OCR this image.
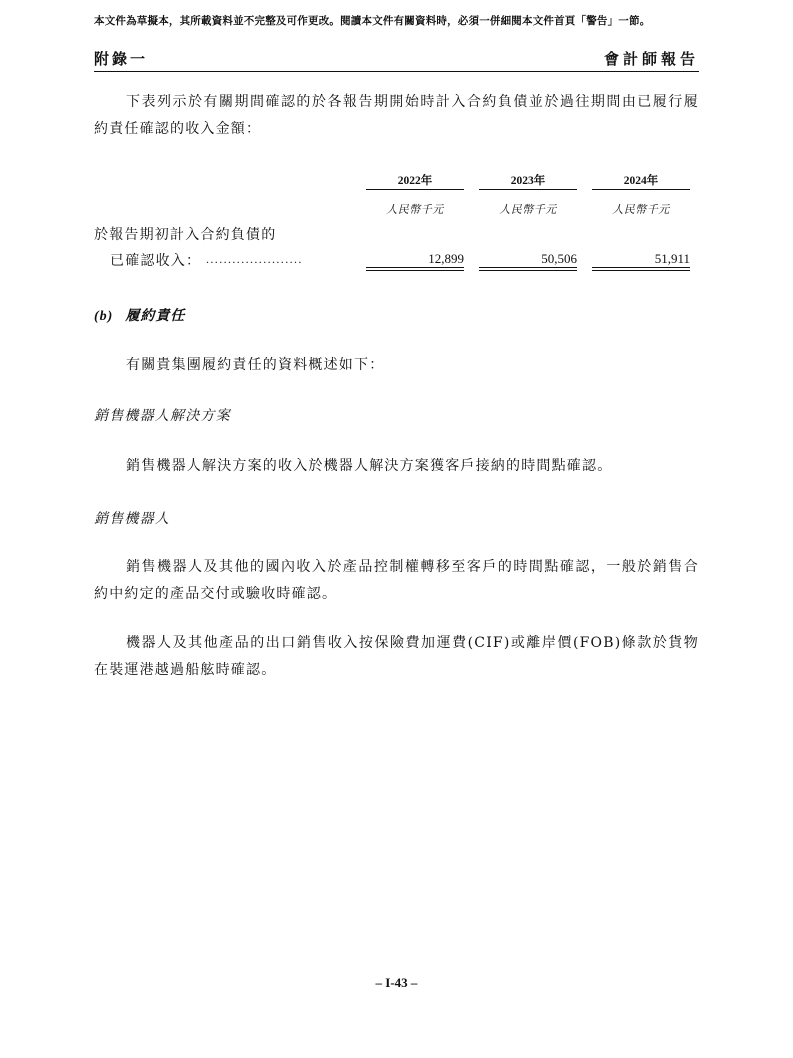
本文件為草擬本，其所載資料並不完整及可作更改。閱讀本文件有關資料時，必須一併細閱本文件首頁「警告」一節。
附錄一	會計師報告
下表列示於有關期間確認的於各報告期開始時計入合約負債並於過往期間由已履行履約責任確認的收入金額：
2022年	2023年	2024年
人民幣千元	人民幣千元	人民幣千元
於報告期初計入合約負債的
已確認收入： ......................	12,899	50,506	51,911
(b) 履約責任
有關貴集團履約責任的資料概述如下：
銷售機器人解決方案
銷售機器人解決方案的收入於機器人解決方案獲客戶接納的時間點確認。
銷售機器人
銷售機器人及其他的國內收入於產品控制權轉移至客戶的時間點確認，一般於銷售合約中約定的產品交付或驗收時確認。
機器人及其他產品的出口銷售收入按保險費加運費(CIF)或離岸價(FOB)條款於貨物在裝運港越過船舷時確認。
– I-43 –
